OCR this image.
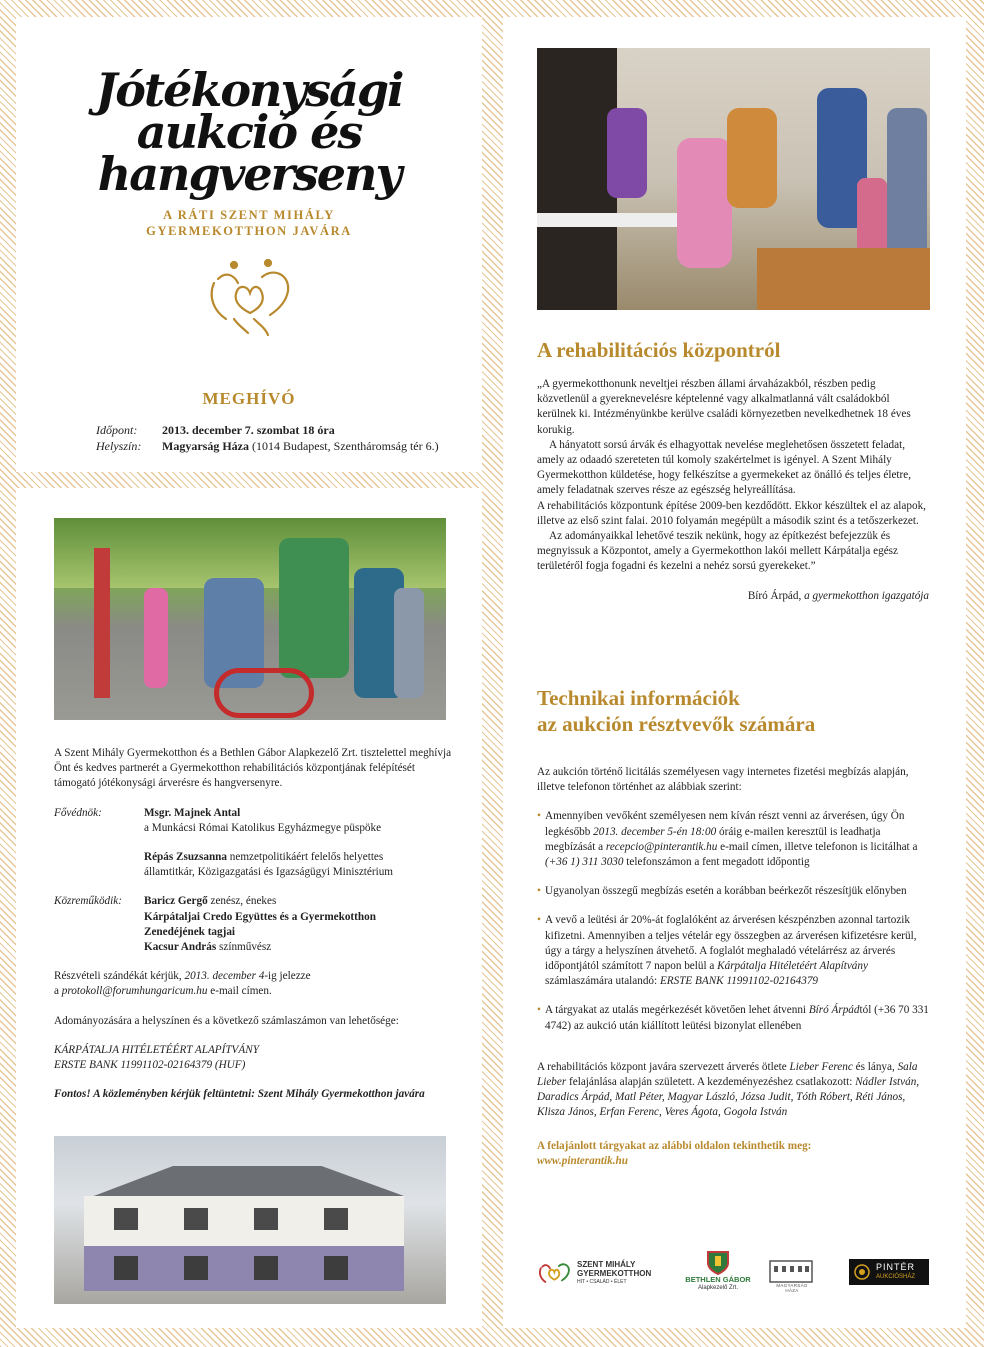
Jótékonysági
aukció és
hangverseny
A RÁTI SZENT MIHÁLY
GYERMEKOTTHON JAVÁRA
MEGHÍVÓ
Időpont: 2013. december 7. szombat 18 óra
Helyszín: Magyarság Háza (1014 Budapest, Szentháromság tér 6.)

A Szent Mihály Gyermekotthon és a Bethlen Gábor Alapkezelő Zrt. tisztelettel meghívja Önt és kedves partnerét a Gyermekotthon rehabilitációs központjának felépítését támogató jótékonysági árverésre és hangversenyre.

Fővédnök:	Msgr. Majnek Antal
a Munkácsi Római Katolikus Egyházmegye püspöke
Répás Zsuzsanna nemzetpolitikáért felelős helyettes
államtitkár, Közigazgatási és Igazságügyi Minisztérium
Közreműködik:	Baricz Gergő zenész, énekes
Kárpátaljai Credo Együttes és a Gyermekotthon
Zenedéjének tagjai
Kacsur András színművész

Részvételi szándékát kérjük, 2013. december 4-ig jelezze
a protokoll@forumhungaricum.hu e-mail címen.

Adományozására a helyszínen és a következő számlaszámon van lehetősége:

KÁRPÁTALJA HITÉLETÉÉRT ALAPÍTVÁNY

ERSTE BANK 11991102-02164379 (HUF)

Fontos! A közleményben kérjük feltüntetni: Szent Mihály Gyermekotthon javára

A rehabilitációs központról

„A gyermekotthonunk neveltjei részben állami árvaházakból, részben pedig közvetlenül a gyereknevelésre képtelenné vagy alkalmatlanná vált családokból kerülnek ki. Intézményünkbe kerülve családi környezetben nevelkedhetnek 18 éves korukig.

A hányatott sorsú árvák és elhagyottak nevelése meglehetősen összetett feladat, amely az odaadó szereteten túl komoly szakértelmet is igényel. A Szent Mihály Gyermekotthon küldetése, hogy felkészítse a gyermekeket az önálló és teljes életre, amely feladatnak szerves része az egészség helyreállítása.

A rehabilitációs központunk építése 2009-ben kezdődött. Ekkor készültek el az alapok, illetve az első szint falai. 2010 folyamán megépült a második szint és a tetőszerkezet.

Az adományaikkal lehetővé teszik nekünk, hogy az építkezést befejezzük és megnyissuk a Központot, amely a Gyermekotthon lakói mellett Kárpátalja egész területéről fogja fogadni és kezelni a nehéz sorsú gyerekeket.”

Bíró Árpád, a gyermekotthon igazgatója

Technikai információk
az aukción résztvevők számára

Az aukción történő licitálás személyesen vagy internetes fizetési megbízás alapján, illetve telefonon történhet az alábbiak szerint:

• Amennyiben vevőként személyesen nem kíván részt venni az árverésen, úgy Ön legkésőbb 2013. december 5-én 18:00 óráig e-mailen keresztül is leadhatja megbízását a recepcio@pinterantik.hu e-mail címen, illetve telefonon is licitálhat a (+36 1) 311 3030 telefonszámon a fent megadott időpontig
• Ugyanolyan összegű megbízás esetén a korábban beérkezőt részesítjük előnyben
• A vevő a leütési ár 20%-át foglalóként az árverésen készpénzben azonnal tartozik kifizetni. Amennyiben a teljes vételár egy összegben az árverésen kifizetésre kerül, úgy a tárgy a helyszínen átvehető. A foglalót meghaladó vételárrész az árverés időpontjától számított 7 napon belül a Kárpátalja Hitéletéért Alapítvány számlaszámára utalandó: ERSTE BANK 11991102-02164379
• A tárgyakat az utalás megérkezését követően lehet átvenni Bíró Árpádtól (+36 70 331 4742) az aukció után kiállított leütési bizonylat ellenében

A rehabilitációs központ javára szervezett árverés ötlete Lieber Ferenc és lánya, Sala Lieber felajánlása alapján született. A kezdeményezéshez csatlakozott: Nádler István, Daradics Árpád, Matl Péter, Magyar László, Józsa Judit, Tóth Róbert, Réti János, Klisza János, Erfan Ferenc, Veres Ágota, Gogola István

A felajánlott tárgyakat az alábbi oldalon tekinthetik meg:
www.pinterantik.hu

SZENT MIHÁLY
GYERMEKOTTHON
HIT • CSALÁD • ÉLET	BETHLEN GÁBOR
Alapkezelő Zrt.	MAGYARSÁG HÁZA
PINTÉR
AUKCIÓSHÁZ
